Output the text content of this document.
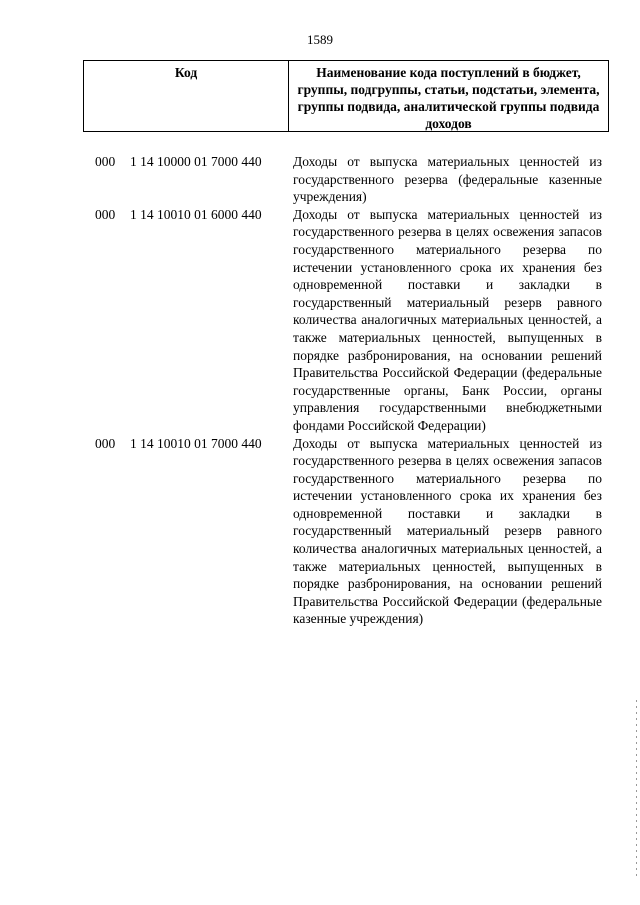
1589
Код	Наименование кода поступлений в бюджет, группы, подгруппы, статьи, подстатьи, элемента, группы подвида, аналитической группы подвида доходов
000 1 14 10000 01 7000 440 Доходы от выпуска материальных ценностей из государственного резерва (федеральные казенные учреждения)
000 1 14 10010 01 6000 440 Доходы от выпуска материальных ценностей из государственного резерва в целях освежения запасов государственного материального резерва по истечении установленного срока их хранения без одновременной поставки и закладки в государственный материальный резерв равного количества аналогичных материальных ценностей, а также материальных ценностей, выпущенных в порядке разбронирования, на основании решений Правительства Российской Федерации (федеральные государственные органы, Банк России, органы управления государственными внебюджетными фондами Российской Федерации)
000 1 14 10010 01 7000 440 Доходы от выпуска материальных ценностей из государственного резерва в целях освежения запасов государственного материального резерва по истечении установленного срока их хранения без одновременной поставки и закладки в государственный материальный резерв равного количества аналогичных материальных ценностей, а также материальных ценностей, выпущенных в порядке разбронирования, на основании решений Правительства Российской Федерации (федеральные казенные учреждения)
